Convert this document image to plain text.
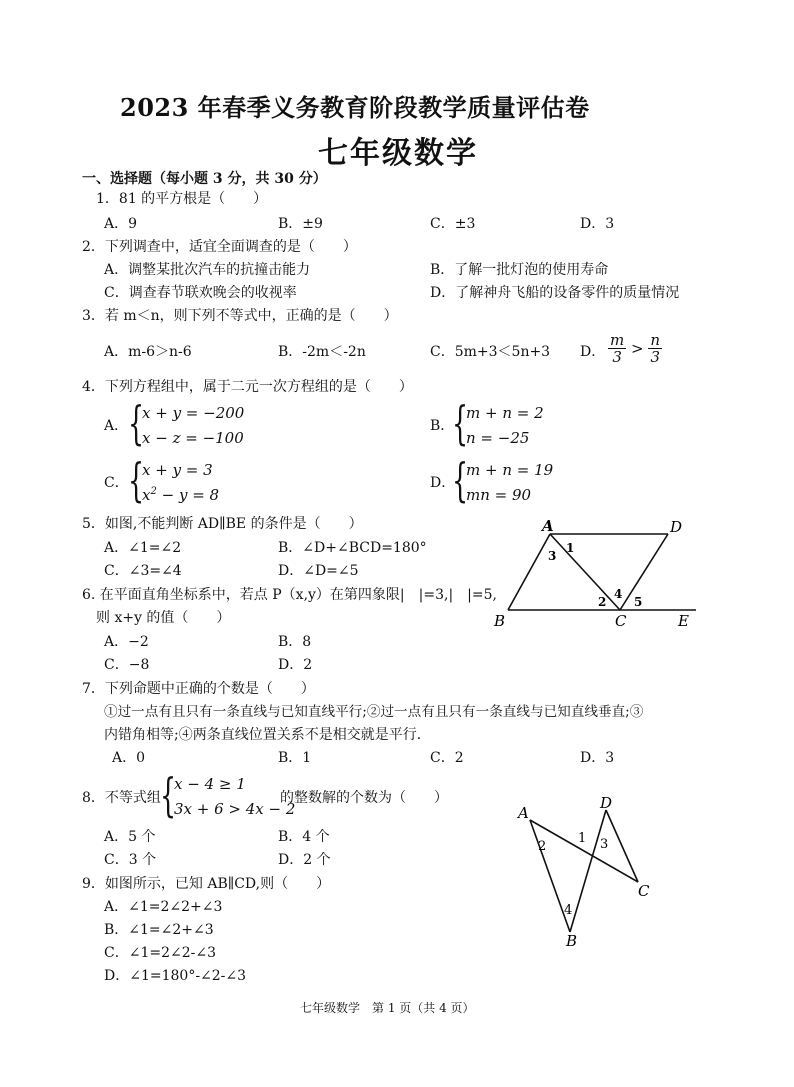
2023 年春季义务教育阶段教学质量评估卷
七年级数学
一、选择题（每小题 3 分，共 30 分）
1．81 的平方根是（　　）
A．9	B．±9	C．±3	D．3
2．下列调查中，适宜全面调查的是（　　）
A．调整某批次汽车的抗撞击能力	B．了解一批灯泡的使用寿命
C．调查春节联欢晚会的收视率	D．了解神舟飞船的设备零件的质量情况
3．若 m＜n，则下列不等式中，正确的是（　　）
A．m-6＞n-6	B．-2m＜-2n	C．5m+3＜5n+3 D． $\frac{m}{3} > \frac{n}{3}$
4．下列方程组中，属于二元一次方程组的是（　　）
A． {
x + y = −200
x − z = −100
B．
{
m + n = 2
n = −25
C． {
x + y = 3
$x^2 - y = 8$
D．
{
m + n = 19
mn = 90
5．如图,不能判断 AD∥BE 的条件是（　　）
A．∠1=∠2	B．∠D+∠BCD=180°
C．∠3=∠4	D．∠D=∠5
A	D
B	C	E
1
2
3
4
5
6. 在平面直角坐标系中，若点 P（x,y）在第四象限|　|=3,|　|=5,
则 x+y 的值（　　）
A．−2	B．8
C．−8	D．2
7．下列命题中正确的个数是（　　）
①过一点有且只有一条直线与已知直线平行;②过一点有且只有一条直线与已知直线垂直;③
内错角相等;④两条直线位置关系不是相交就是平行．
A．0	B．1	C．2	D．3
8．不等式组 {
x − 4 ≥ 1
3x + 6 > 4x − 2
的整数解的个数为（　　）
A．5 个	B．4 个
C．3 个	D．2 个
A
D
B
C
1
2	3
4
9．如图所示，已知 AB∥CD,则（　　）
A．∠1=2∠2+∠3
B．∠1=∠2+∠3
C．∠1=2∠2-∠3
D．∠1=180°-∠2-∠3
七年级数学　第 1 页（共 4 页）
